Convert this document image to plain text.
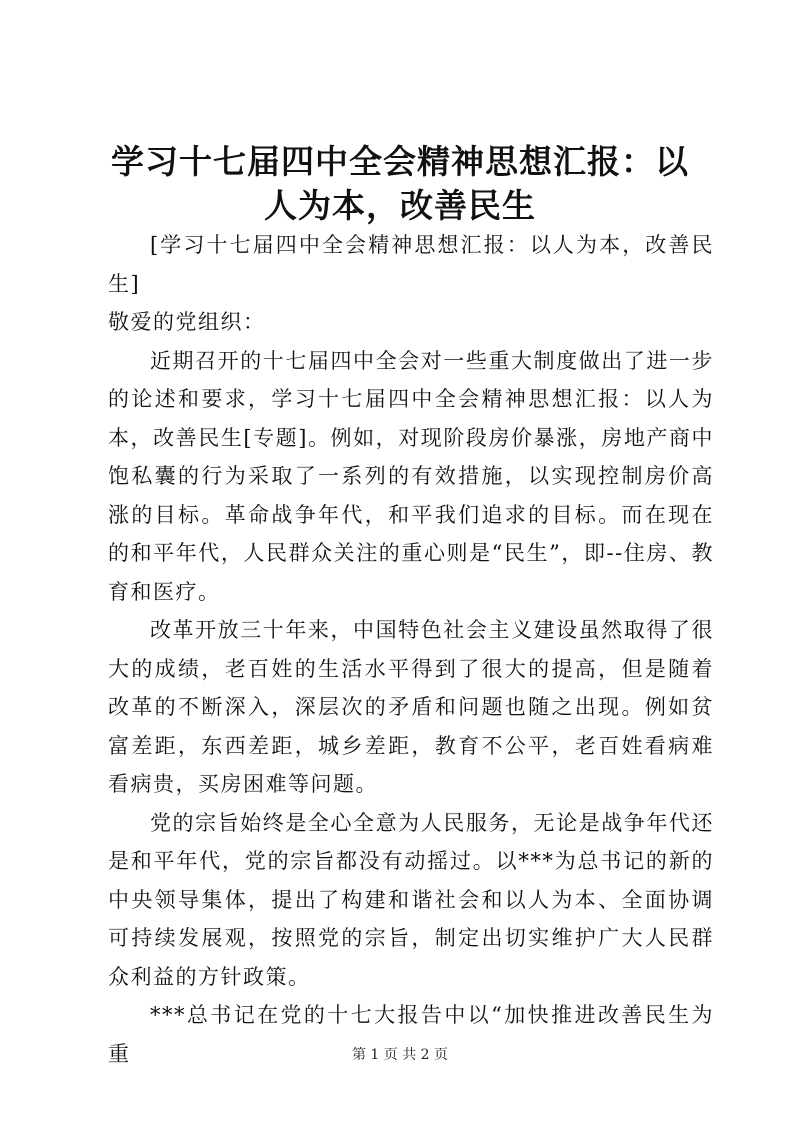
学习十七届四中全会精神思想汇报：以人为本，改善民生

[学习十七届四中全会精神思想汇报：以人为本，改善民生]

敬爱的党组织：

近期召开的十七届四中全会对一些重大制度做出了进一步的论述和要求，学习十七届四中全会精神思想汇报：以人为本，改善民生[专题]。例如，对现阶段房价暴涨，房地产商中饱私囊的行为采取了一系列的有效措施，以实现控制房价高涨的目标。革命战争年代，和平我们追求的目标。而在现在的和平年代，人民群众关注的重心则是“民生”，即--住房、教育和医疗。

改革开放三十年来，中国特色社会主义建设虽然取得了很大的成绩，老百姓的生活水平得到了很大的提高，但是随着改革的不断深入，深层次的矛盾和问题也随之出现。例如贫富差距，东西差距，城乡差距，教育不公平，老百姓看病难看病贵，买房困难等问题。

党的宗旨始终是全心全意为人民服务，无论是战争年代还是和平年代，党的宗旨都没有动摇过。以***为总书记的新的中央领导集体，提出了构建和谐社会和以人为本、全面协调可持续发展观，按照党的宗旨，制定出切实维护广大人民群众利益的方针政策。

***总书记在党的十七大报告中以“加快推进改善民生为重	第 1 页 共 2 页
